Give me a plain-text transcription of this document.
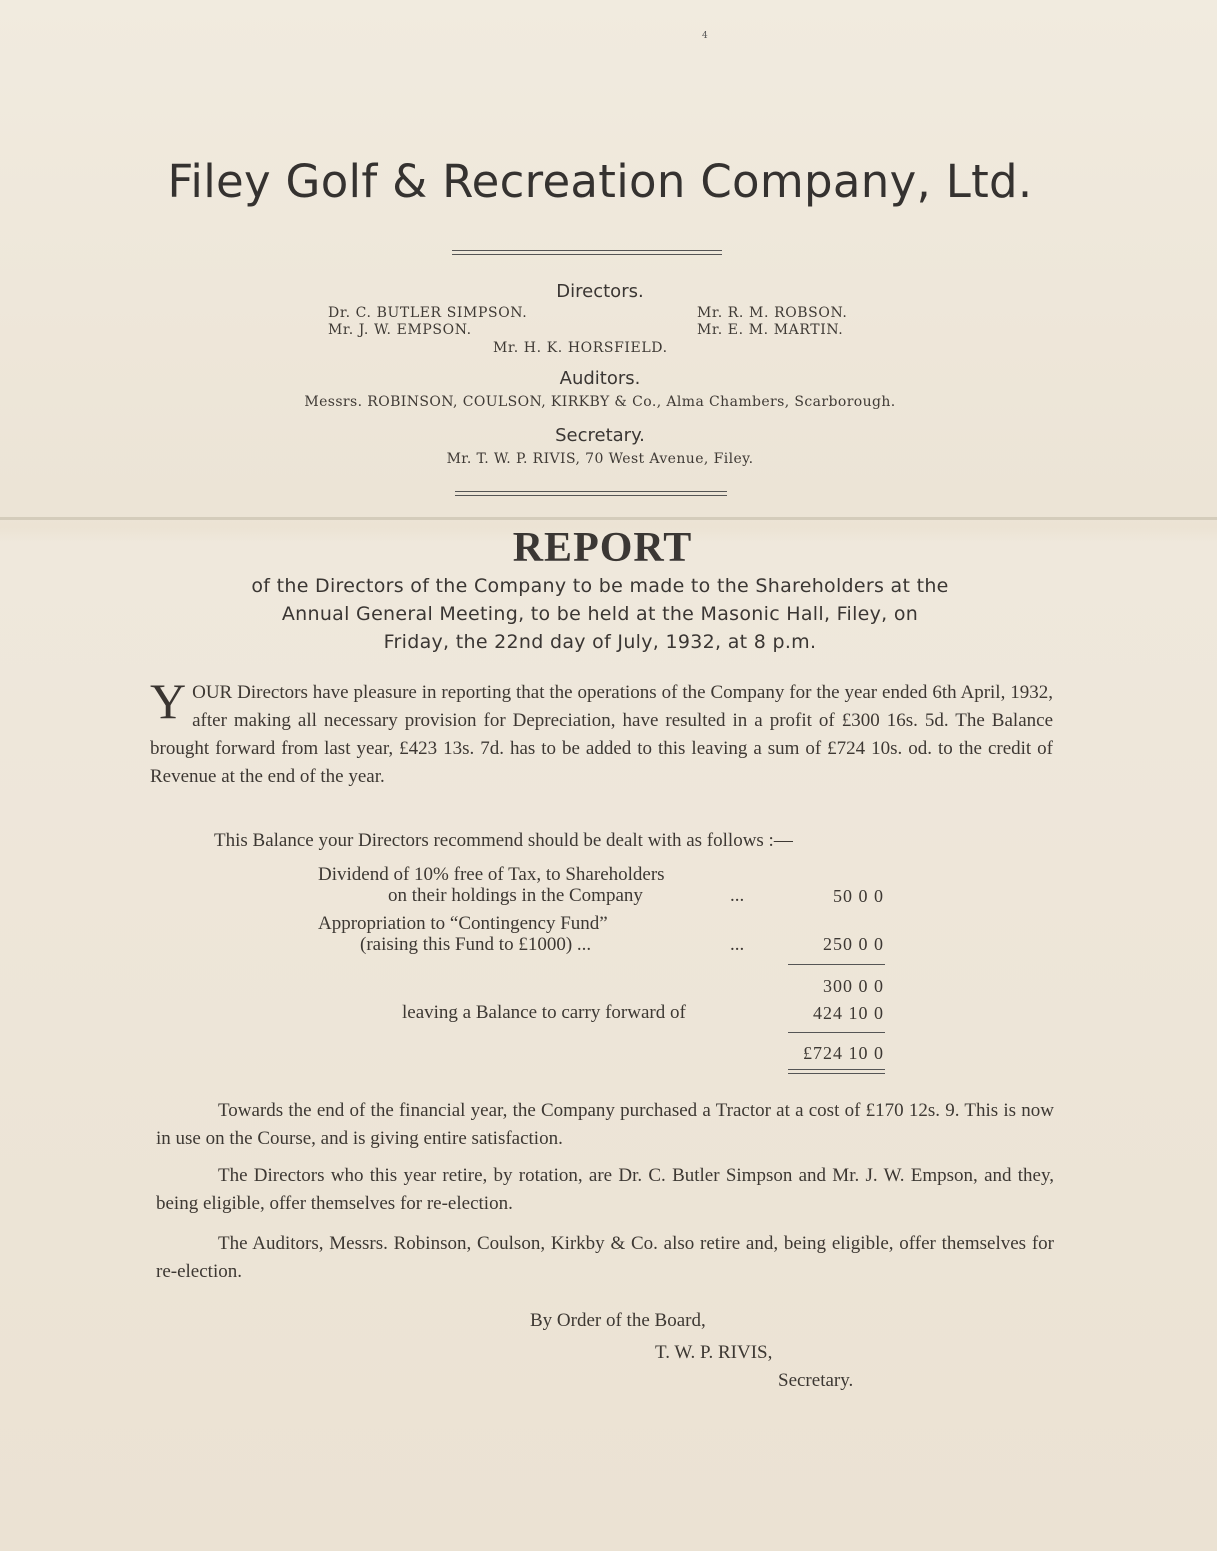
4
Filey Golf & Recreation Company, Ltd.
Directors.
Dr. C. BUTLER SIMPSON.	Mr. R. M. ROBSON.
Mr. J. W. EMPSON.	Mr. E. M. MARTIN.
Mr. H. K. HORSFIELD.
Auditors.
Messrs. ROBINSON, COULSON, KIRKBY & Co., Alma Chambers, Scarborough.
Secretary.
Mr. T. W. P. RIVIS, 70 West Avenue, Filey.
REPORT
of the Directors of the Company to be made to the Shareholders at the
Annual General Meeting, to be held at the Masonic Hall, Filey, on
Friday, the 22nd day of July, 1932, at 8 p.m.
YOUR Directors have pleasure in reporting that the operations of the Company for the year ended 6th April, 1932, after making all necessary provision for Depreciation, have resulted in a profit of £300 16s. 5d. The Balance brought forward from last year, £423 13s. 7d. has to be added to this leaving a sum of £724 10s. od. to the credit of Revenue at the end of the year.
This Balance your Directors recommend should be dealt with as follows :—
Dividend of 10% free of Tax, to Shareholders
on their holdings in the Company	...	50 0 0
Appropriation to “Contingency Fund”
(raising this Fund to £1000) ...	...	250 0 0
300 0 0
leaving a Balance to carry forward of	424 10 0
£724 10 0
Towards the end of the financial year, the Company purchased a Tractor at a cost of £170 12s. 9. This is now in use on the Course, and is giving entire satisfaction.
The Directors who this year retire, by rotation, are Dr. C. Butler Simpson and Mr. J. W. Empson, and they, being eligible, offer themselves for re-election.
The Auditors, Messrs. Robinson, Coulson, Kirkby & Co. also retire and, being eligible, offer themselves for re-election.
By Order of the Board,
T. W. P. RIVIS,
Secretary.
